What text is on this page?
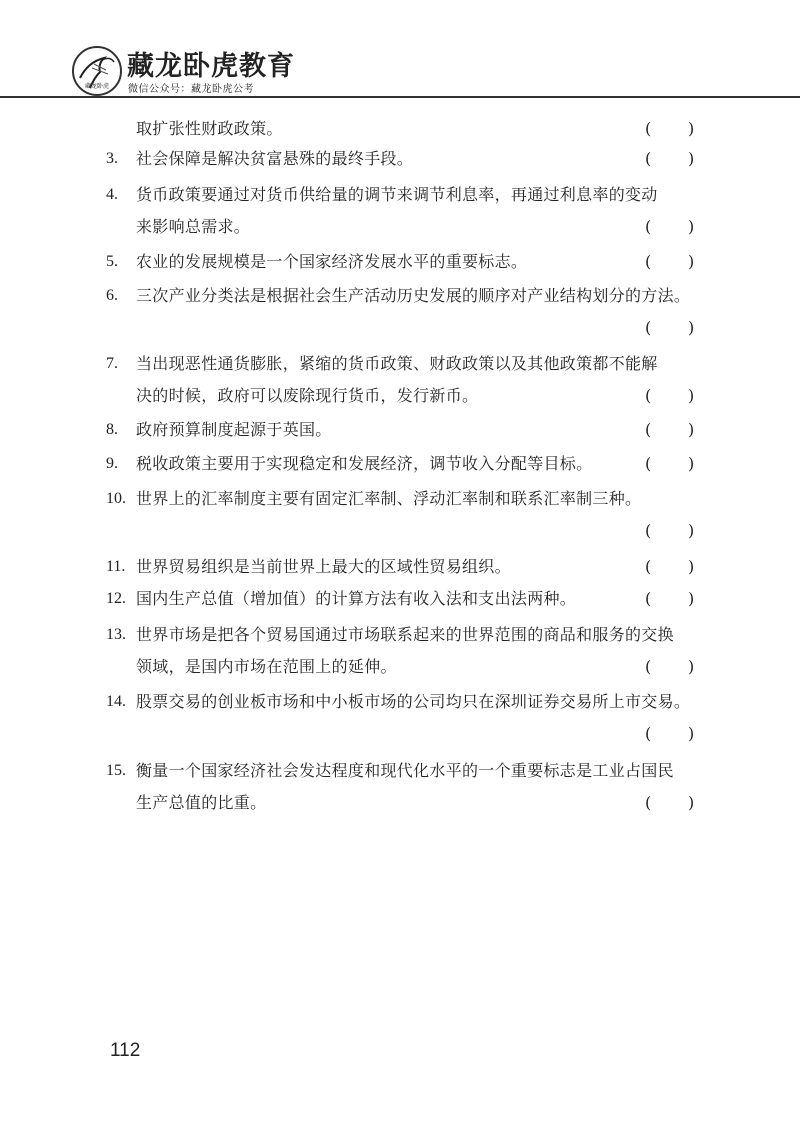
藏龙卧虎
藏龙卧虎教育
微信公众号：藏龙卧虎公考
取扩张性财政政策。	( )
3.	社会保障是解决贫富悬殊的最终手段。	( )
4.	货币政策要通过对货币供给量的调节来调节利息率，再通过利息率的变动
来影响总需求。	( )
5.	农业的发展规模是一个国家经济发展水平的重要标志。	( )
6.	三次产业分类法是根据社会生产活动历史发展的顺序对产业结构划分的方法。
( )
7.	当出现恶性通货膨胀，紧缩的货币政策、财政政策以及其他政策都不能解
决的时候，政府可以废除现行货币，发行新币。	( )
8.	政府预算制度起源于英国。	( )
9.	税收政策主要用于实现稳定和发展经济，调节收入分配等目标。	( )
10. 世界上的汇率制度主要有固定汇率制、浮动汇率制和联系汇率制三种。
( )
11. 世界贸易组织是当前世界上最大的区域性贸易组织。	( )
12. 国内生产总值（增加值）的计算方法有收入法和支出法两种。	( )
13. 世界市场是把各个贸易国通过市场联系起来的世界范围的商品和服务的交换
领域，是国内市场在范围上的延伸。	( )
14. 股票交易的创业板市场和中小板市场的公司均只在深圳证券交易所上市交易。
( )
15. 衡量一个国家经济社会发达程度和现代化水平的一个重要标志是工业占国民
生产总值的比重。	( )
112
